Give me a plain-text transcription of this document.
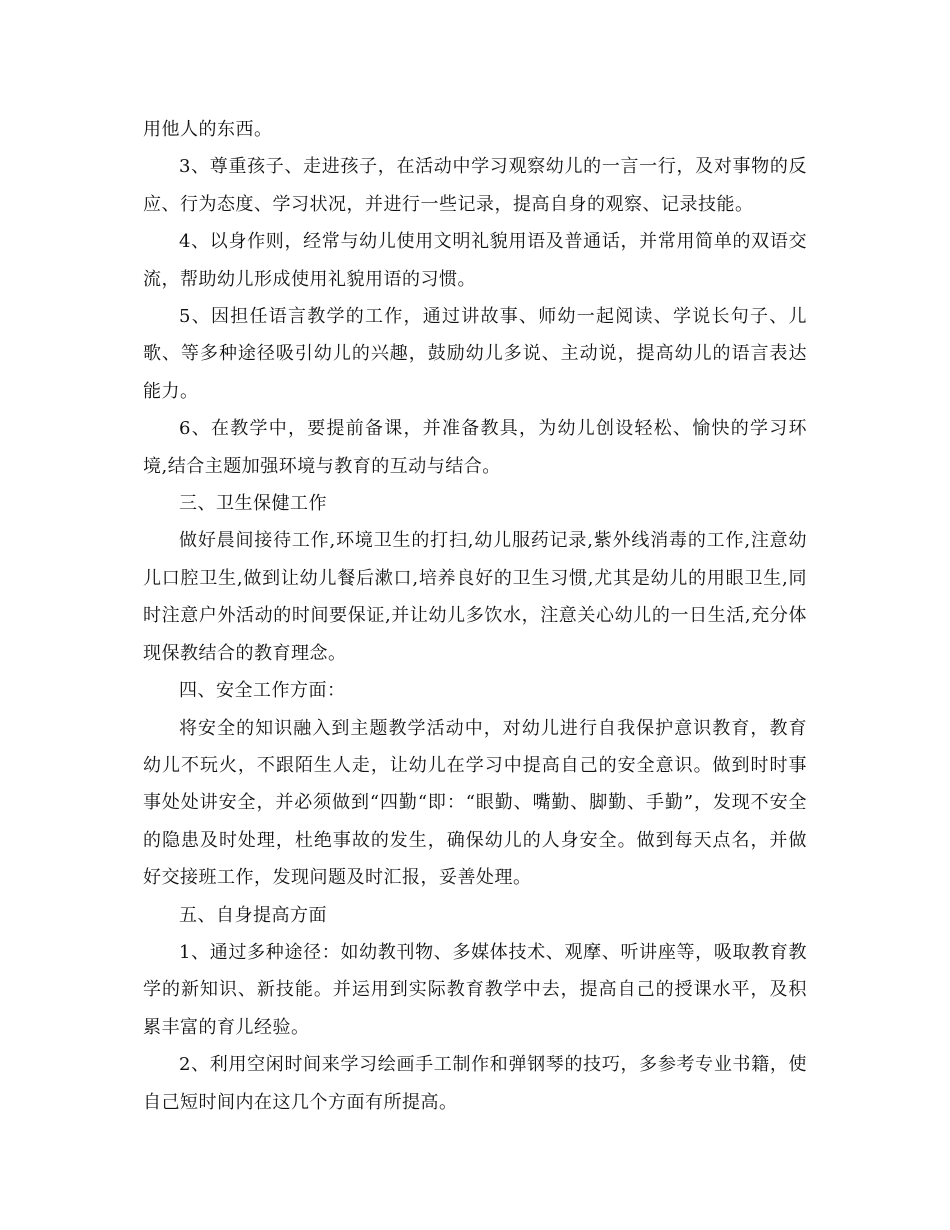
用他人的东西。

3、尊重孩子、走进孩子，在活动中学习观察幼儿的一言一行，及对事物的反应、行为态度、学习状况，并进行一些记录，提高自身的观察、记录技能。

4、以身作则，经常与幼儿使用文明礼貌用语及普通话，并常用简单的双语交流，帮助幼儿形成使用礼貌用语的习惯。

5、因担任语言教学的工作，通过讲故事、师幼一起阅读、学说长句子、儿歌、等多种途径吸引幼儿的兴趣，鼓励幼儿多说、主动说，提高幼儿的语言表达能力。

6、在教学中，要提前备课，并准备教具，为幼儿创设轻松、愉快的学习环境,结合主题加强环境与教育的互动与结合。

三、卫生保健工作

做好晨间接待工作,环境卫生的打扫,幼儿服药记录,紫外线消毒的工作,注意幼儿口腔卫生,做到让幼儿餐后漱口,培养良好的卫生习惯,尤其是幼儿的用眼卫生,同时注意户外活动的时间要保证,并让幼儿多饮水，注意关心幼儿的一日生活,充分体现保教结合的教育理念。

四、安全工作方面：

将安全的知识融入到主题教学活动中，对幼儿进行自我保护意识教育，教育幼儿不玩火，不跟陌生人走，让幼儿在学习中提高自己的安全意识。做到时时事事处处讲安全，并必须做到“四勤“即：“眼勤、嘴勤、脚勤、手勤”，发现不安全的隐患及时处理，杜绝事故的发生，确保幼儿的人身安全。做到每天点名，并做好交接班工作，发现问题及时汇报，妥善处理。

五、自身提高方面

1、通过多种途径：如幼教刊物、多媒体技术、观摩、听讲座等，吸取教育教学的新知识、新技能。并运用到实际教育教学中去，提高自己的授课水平，及积累丰富的育儿经验。

2、利用空闲时间来学习绘画手工制作和弹钢琴的技巧，多参考专业书籍，使自己短时间内在这几个方面有所提高。
